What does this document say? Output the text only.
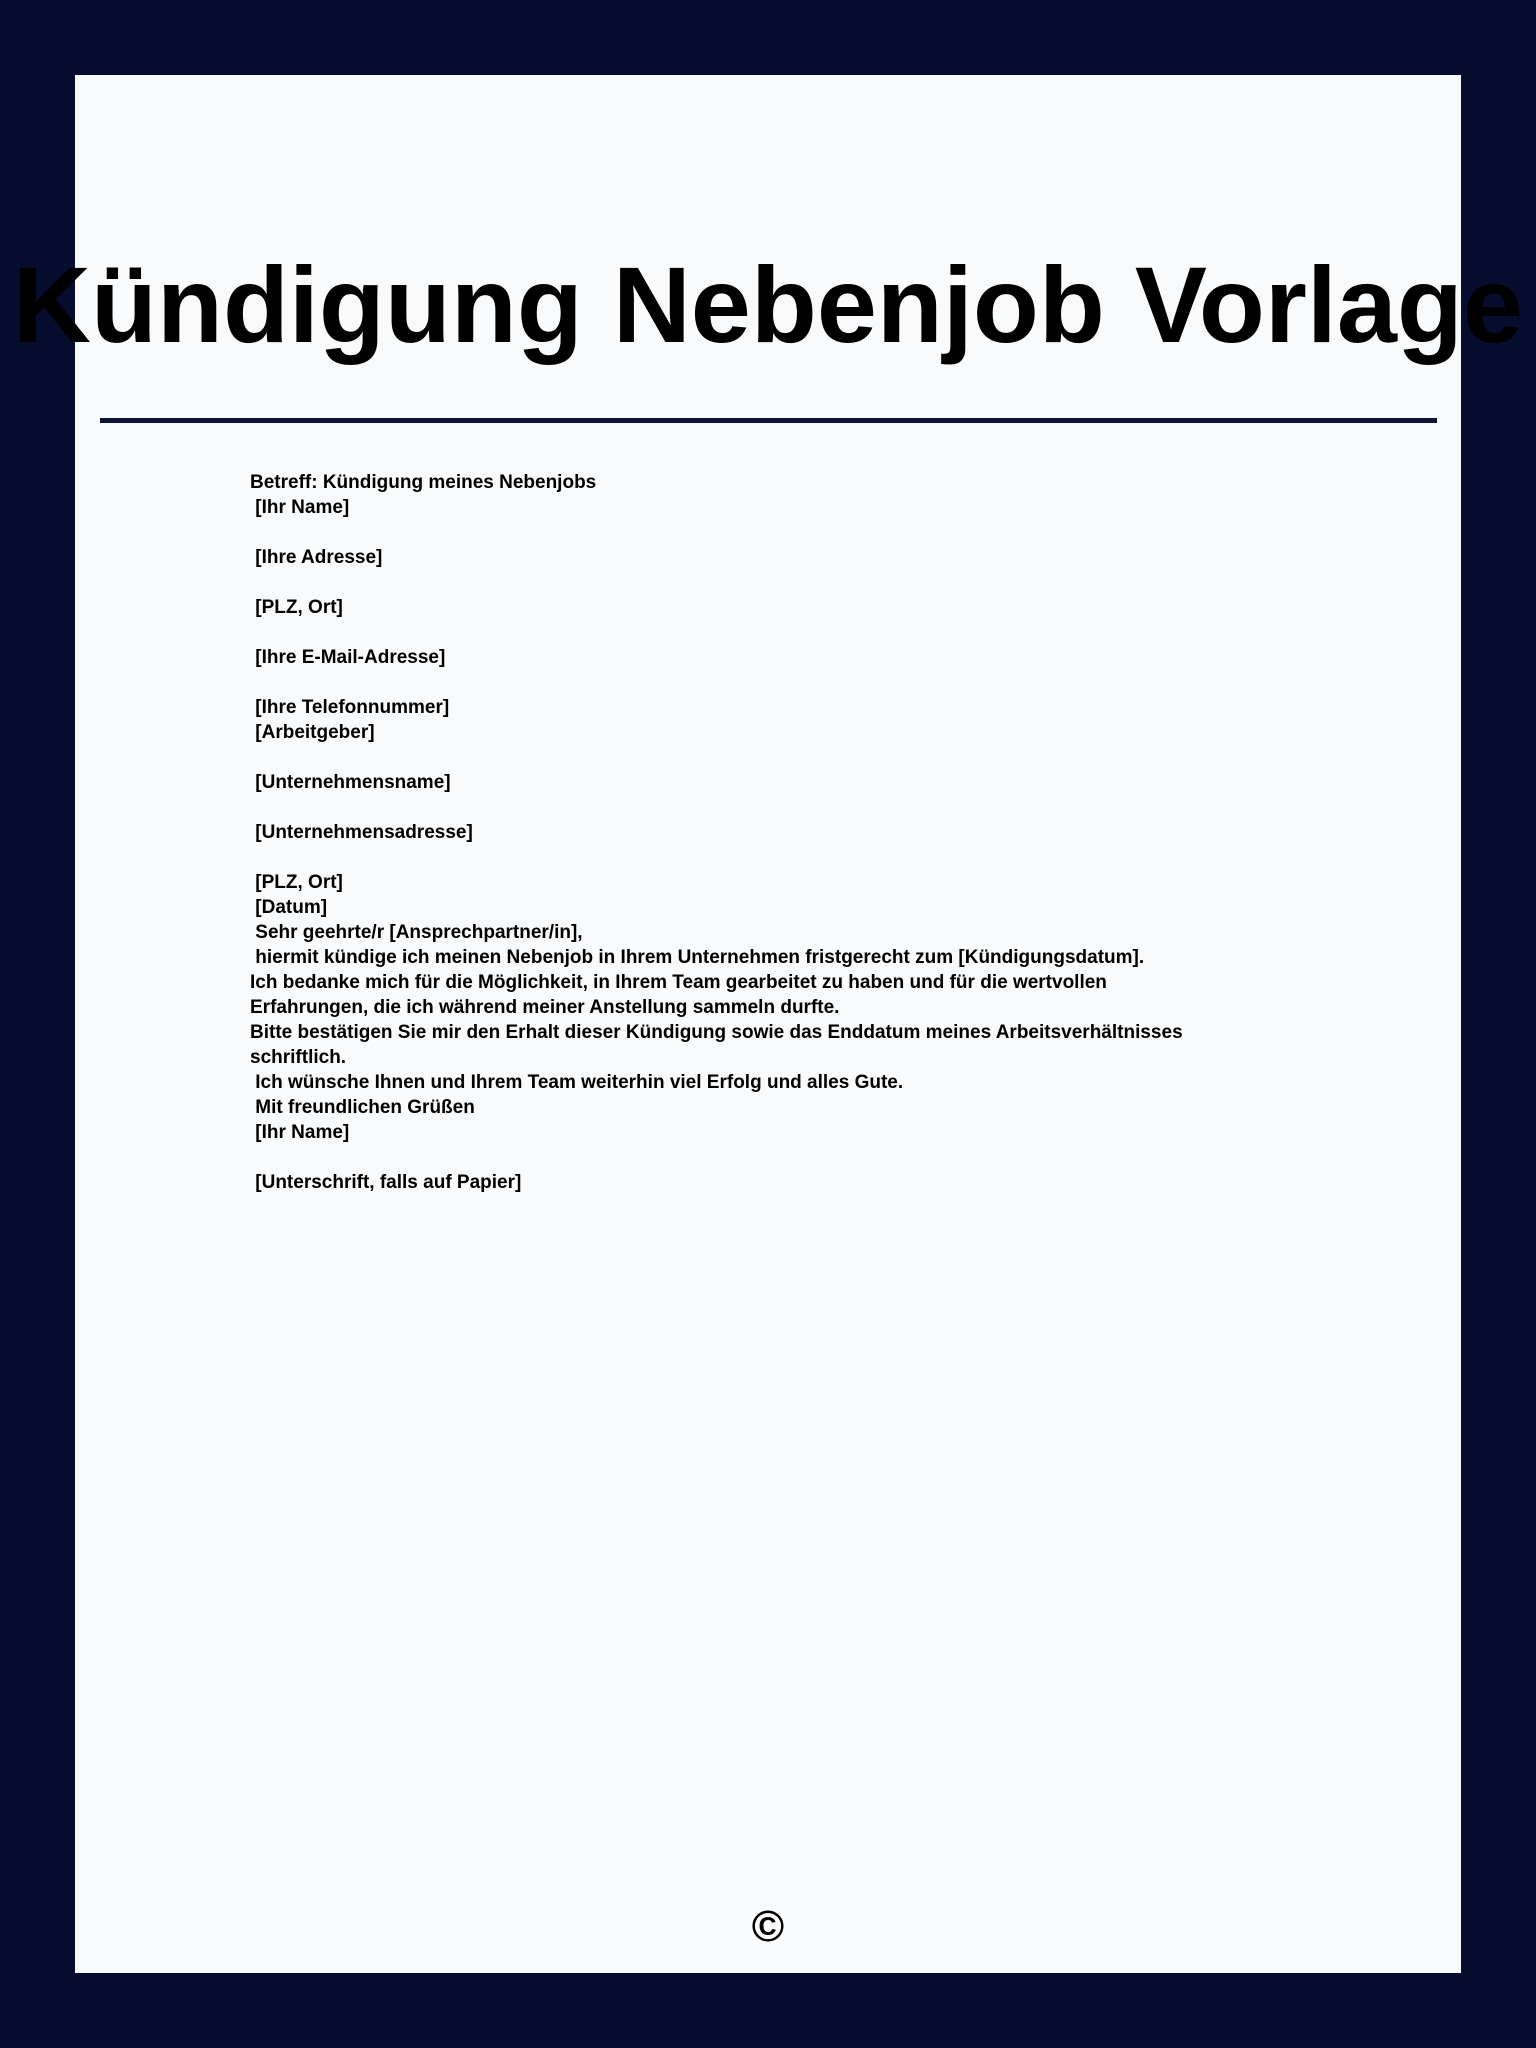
Kündigung Nebenjob Vorlage
Betreff: Kündigung meines Nebenjobs
[Ihr Name]
[Ihre Adresse]
[PLZ, Ort]
[Ihre E-Mail-Adresse]
[Ihre Telefonnummer]
[Arbeitgeber]
[Unternehmensname]
[Unternehmensadresse]
[PLZ, Ort]
[Datum]
Sehr geehrte/r [Ansprechpartner/in],
hiermit kündige ich meinen Nebenjob in Ihrem Unternehmen fristgerecht zum [Kündigungsdatum].
Ich bedanke mich für die Möglichkeit, in Ihrem Team gearbeitet zu haben und für die wertvollen
Erfahrungen, die ich während meiner Anstellung sammeln durfte.
Bitte bestätigen Sie mir den Erhalt dieser Kündigung sowie das Enddatum meines Arbeitsverhältnisses
schriftlich.
Ich wünsche Ihnen und Ihrem Team weiterhin viel Erfolg und alles Gute.
Mit freundlichen Grüßen
[Ihr Name]
[Unterschrift, falls auf Papier]
©
